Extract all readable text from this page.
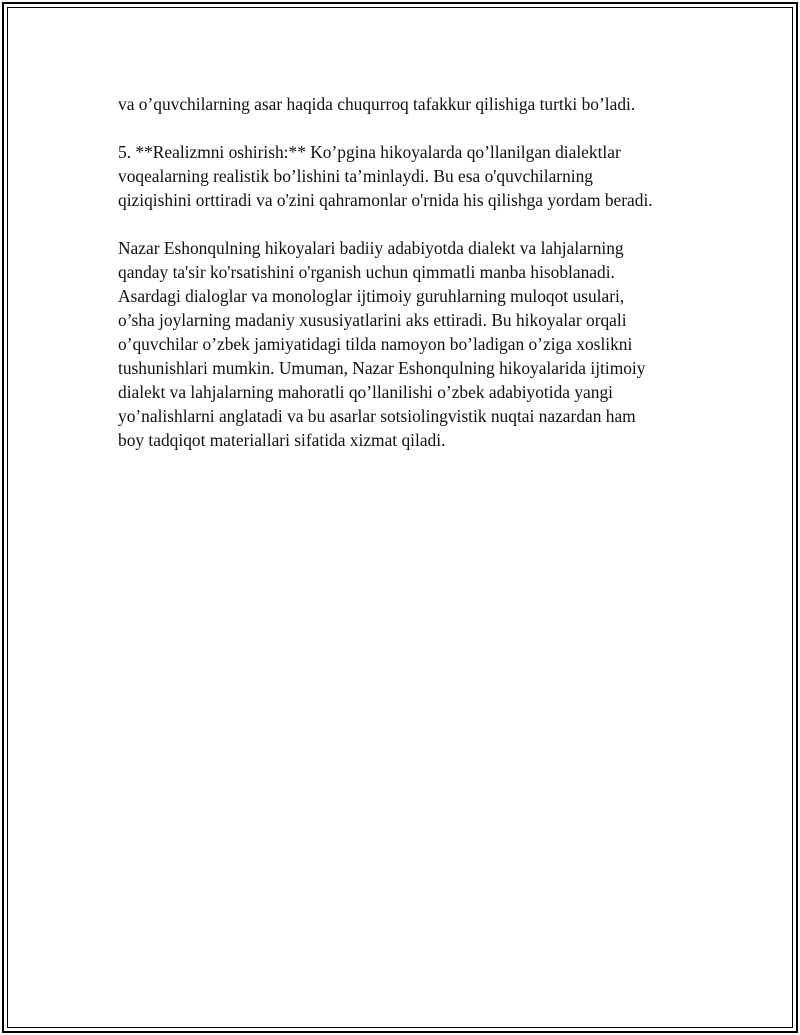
va o’quvchilarning asar haqida chuqurroq tafakkur qilishiga turtki bo’ladi.

5. **Realizmni oshirish:** Ko’pgina hikoyalarda qo’llanilgan dialektlar
voqealarning realistik bo’lishini ta’minlaydi. Bu esa o'quvchilarning
qiziqishini orttiradi va o'zini qahramonlar o'rnida his qilishga yordam beradi.

Nazar Eshonqulning hikoyalari badiiy adabiyotda dialekt va lahjalarning
qanday ta'sir ko'rsatishini o'rganish uchun qimmatli manba hisoblanadi.
Asardagi dialoglar va monologlar ijtimoiy guruhlarning muloqot usulari,
o’sha joylarning madaniy xususiyatlarini aks ettiradi. Bu hikoyalar orqali
o’quvchilar o’zbek jamiyatidagi tilda namoyon bo’ladigan o’ziga xoslikni
tushunishlari mumkin. Umuman, Nazar Eshonqulning hikoyalarida ijtimoiy
dialekt va lahjalarning mahoratli qo’llanilishi o’zbek adabiyotida yangi
yo’nalishlarni anglatadi va bu asarlar sotsiolingvistik nuqtai nazardan ham
boy tadqiqot materiallari sifatida xizmat qiladi.
